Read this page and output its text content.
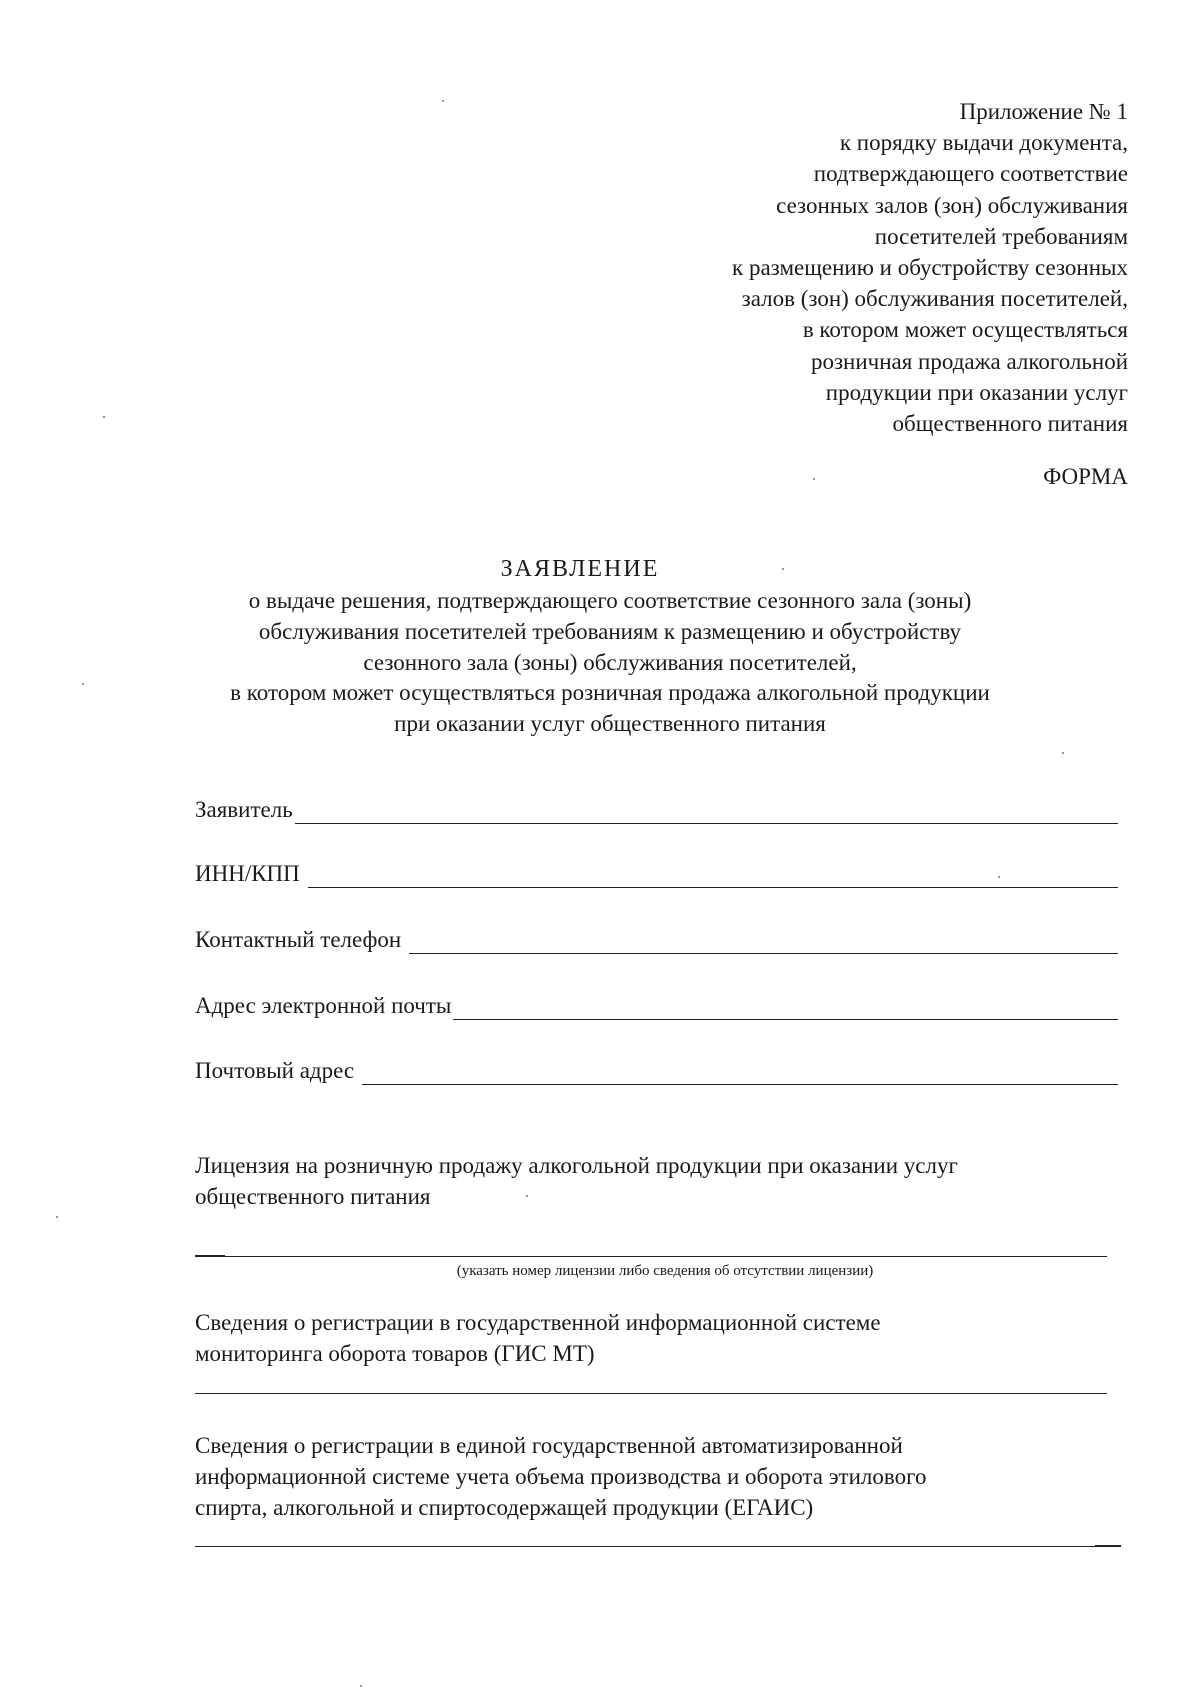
Приложение № 1
к порядку выдачи документа,
подтверждающего соответствие
сезонных залов (зон) обслуживания
посетителей требованиям
к размещению и обустройству сезонных
залов (зон) обслуживания посетителей,
в котором может осуществляться
розничная продажа алкогольной
продукции при оказании услуг
общественного питания
ФОРМА
ЗАЯВЛЕНИЕ
о выдаче решения, подтверждающего соответствие сезонного зала (зоны)
обслуживания посетителей требованиям к размещению и обустройству
сезонного зала (зоны) обслуживания посетителей,
в котором может осуществляться розничная продажа алкогольной продукции
при оказании услуг общественного питания
Заявитель
ИНН/КПП
Контактный телефон
Адрес электронной почты
Почтовый адрес
Лицензия на розничную продажу алкогольной продукции при оказании услуг
общественного питания
(указать номер лицензии либо сведения об отсутствии лицензии)
Сведения о регистрации в государственной информационной системе
мониторинга оборота товаров (ГИС МТ)
Сведения о регистрации в единой государственной автоматизированной
информационной системе учета объема производства и оборота этилового
спирта, алкогольной и спиртосодержащей продукции (ЕГАИС)
